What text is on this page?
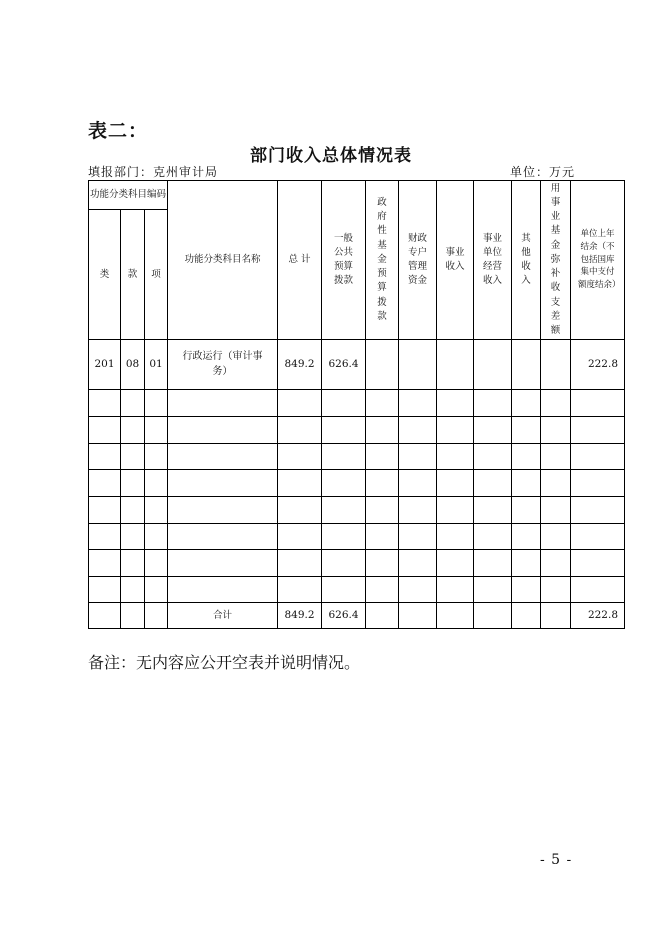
表二：
部门收入总体情况表
填报部门：克州审计局	单位：万元
功能分类科目编码			功能分类科目名称	总 计	一般公共预算拨款	政府性基金预算拨款	财政专户管理资金	事业收入	事业单位经营收入	其他收入	用事业基金弥补收支差额	单位上年结余（不包括国库集中支付额度结余）
类	款	项										
201	08	01	行政运行（审计事务）	849.2	626.4							222.8

			合计	849.2	626.4							222.8
备注：无内容应公开空表并说明情况。
- 5 -
